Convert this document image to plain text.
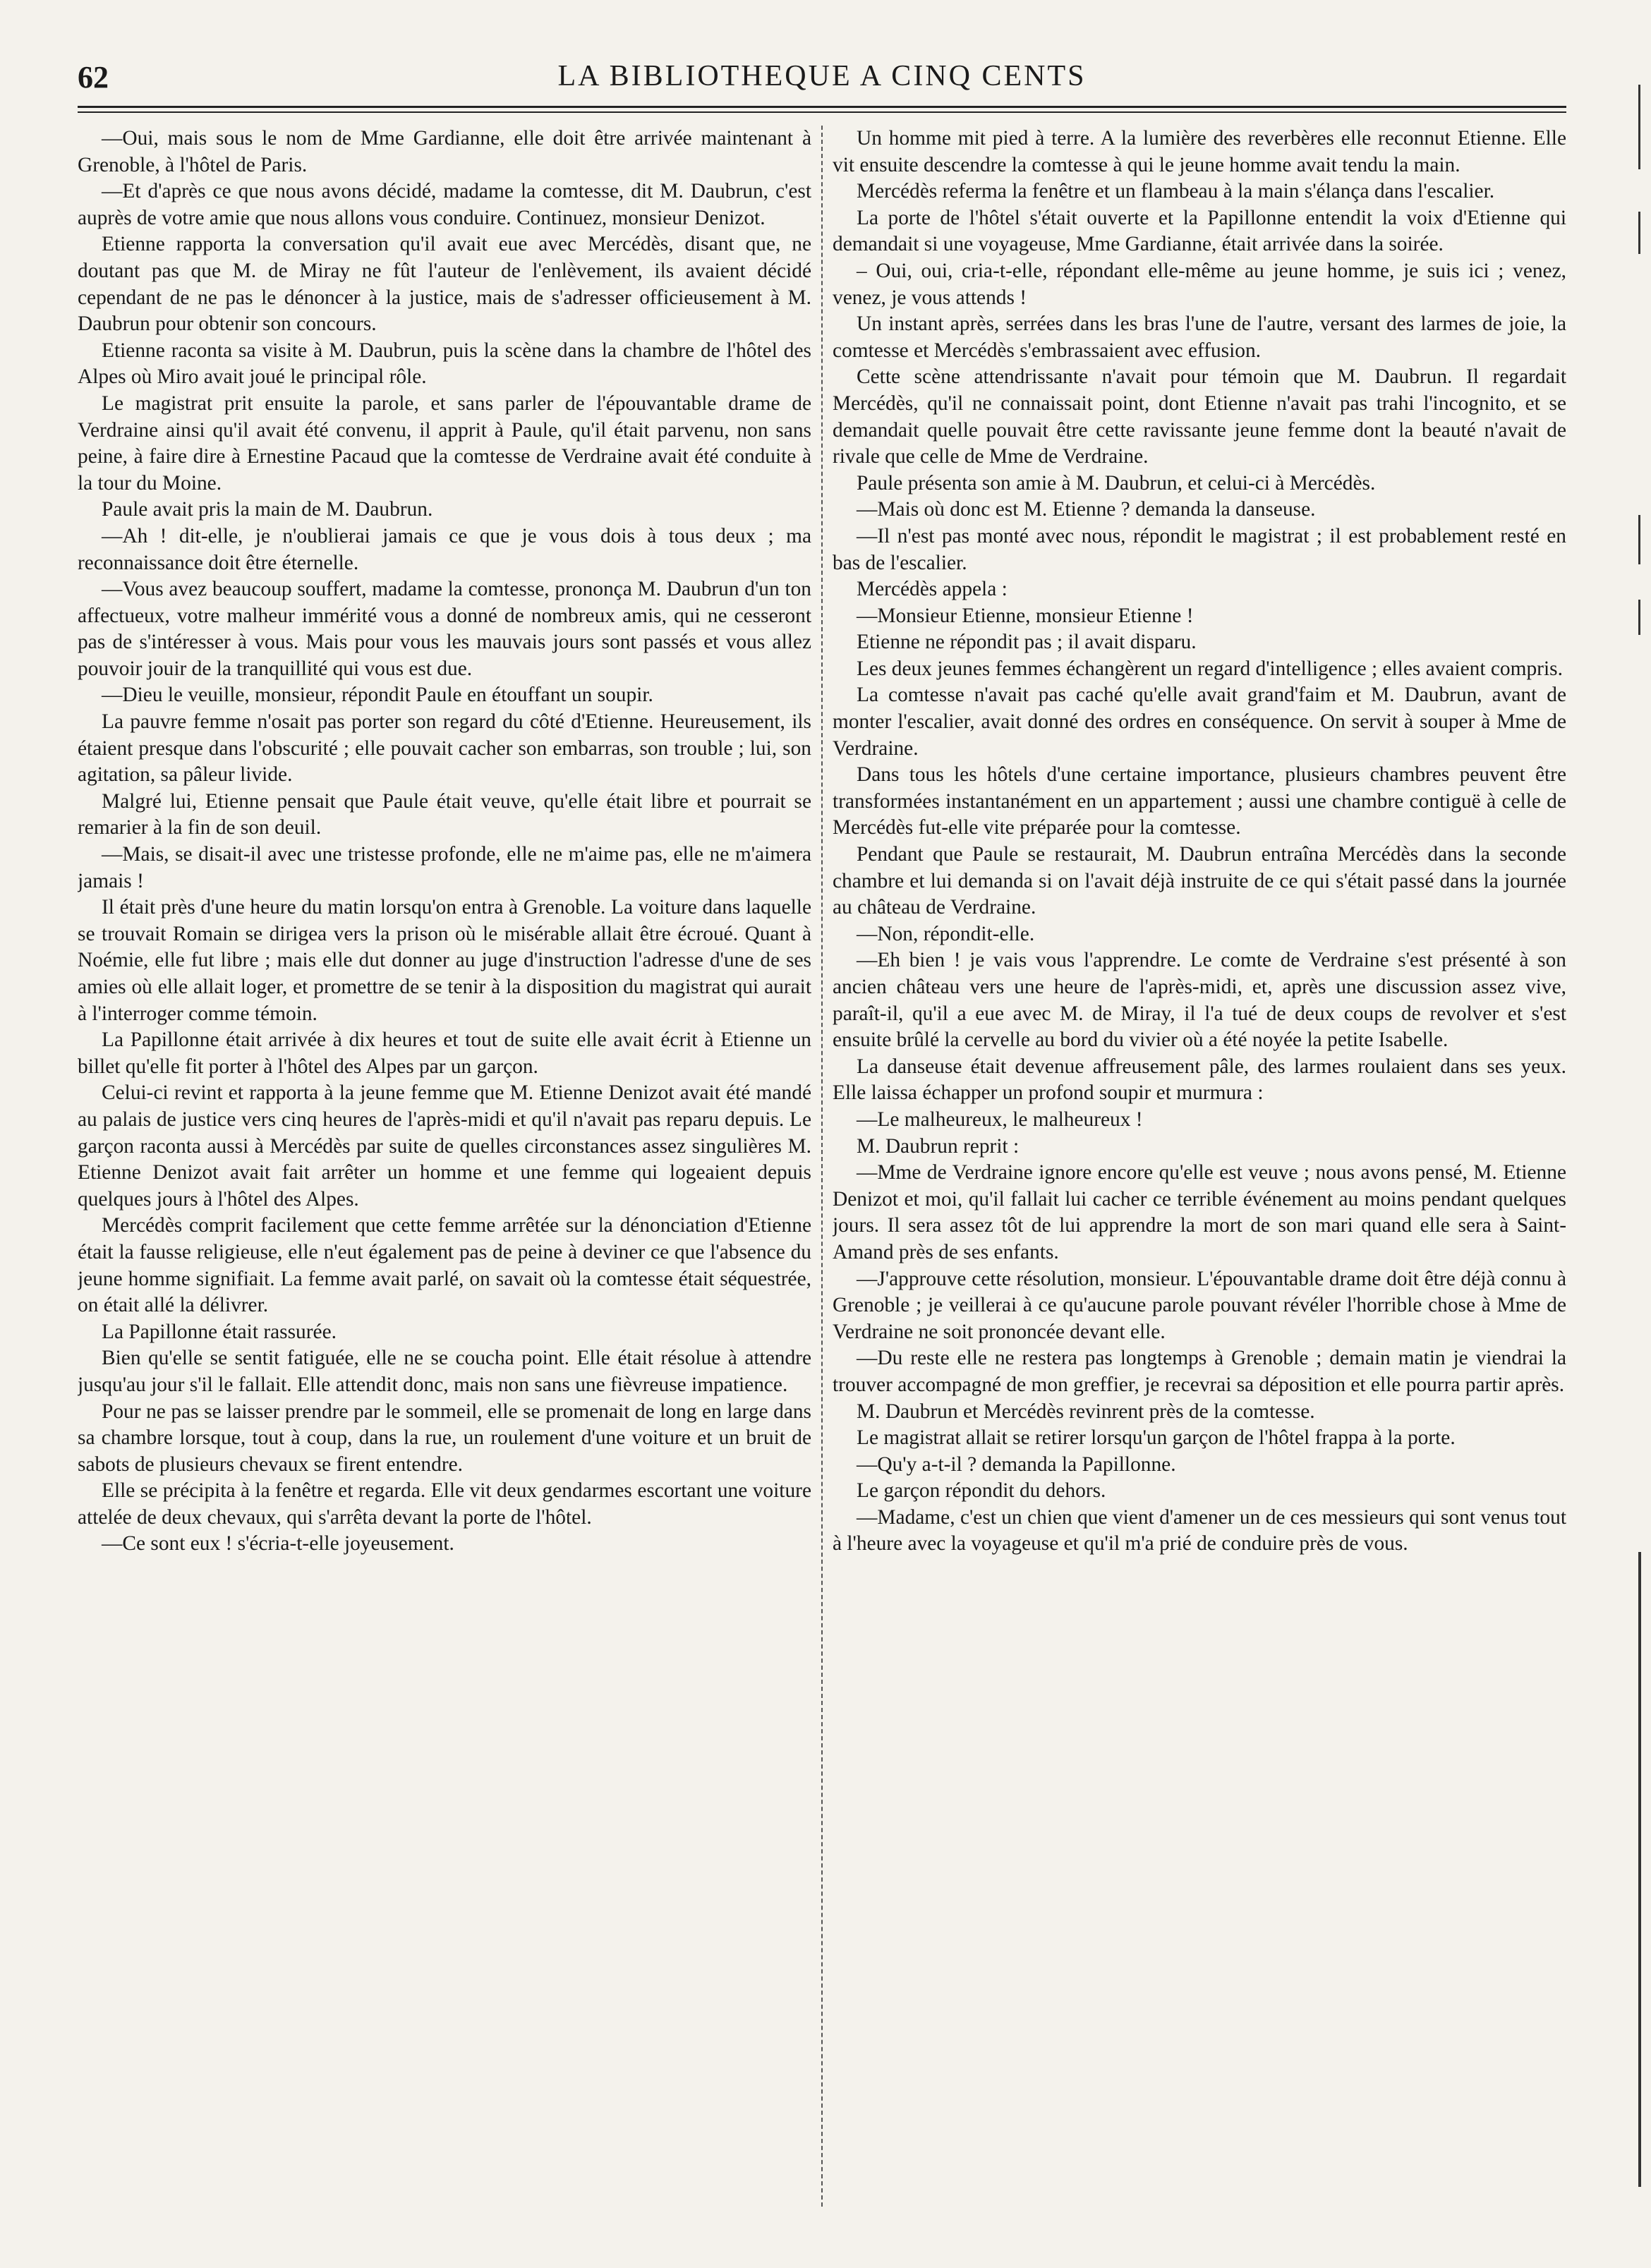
62	LA BIBLIOTHEQUE A CINQ CENTS

—Oui, mais sous le nom de Mme Gardianne, elle doit être arrivée maintenant à Grenoble, à l'hôtel de Paris.

—Et d'après ce que nous avons décidé, madame la comtesse, dit M. Daubrun, c'est auprès de votre amie que nous allons vous conduire. Continuez, monsieur Denizot.

Etienne rapporta la conversation qu'il avait eue avec Mercédès, disant que, ne doutant pas que M. de Miray ne fût l'auteur de l'enlèvement, ils avaient décidé cependant de ne pas le dénoncer à la justice, mais de s'adresser officieusement à M. Daubrun pour obtenir son concours.

Etienne raconta sa visite à M. Daubrun, puis la scène dans la chambre de l'hôtel des Alpes où Miro avait joué le principal rôle.

Le magistrat prit ensuite la parole, et sans parler de l'épouvantable drame de Verdraine ainsi qu'il avait été convenu, il apprit à Paule, qu'il était parvenu, non sans peine, à faire dire à Ernestine Pacaud que la comtesse de Verdraine avait été conduite à la tour du Moine.

Paule avait pris la main de M. Daubrun.

—Ah ! dit-elle, je n'oublierai jamais ce que je vous dois à tous deux ; ma reconnaissance doit être éternelle.

—Vous avez beaucoup souffert, madame la comtesse, prononça M. Daubrun d'un ton affectueux, votre malheur immérité vous a donné de nombreux amis, qui ne cesseront pas de s'intéresser à vous. Mais pour vous les mauvais jours sont passés et vous allez pouvoir jouir de la tranquillité qui vous est due.

—Dieu le veuille, monsieur, répondit Paule en étouffant un soupir.

La pauvre femme n'osait pas porter son regard du côté d'Etienne. Heureusement, ils étaient presque dans l'obscurité ; elle pouvait cacher son embarras, son trouble ; lui, son agitation, sa pâleur livide.

Malgré lui, Etienne pensait que Paule était veuve, qu'elle était libre et pourrait se remarier à la fin de son deuil.

—Mais, se disait-il avec une tristesse profonde, elle ne m'aime pas, elle ne m'aimera jamais !

Il était près d'une heure du matin lorsqu'on entra à Grenoble. La voiture dans laquelle se trouvait Romain se dirigea vers la prison où le misérable allait être écroué. Quant à Noémie, elle fut libre ; mais elle dut donner au juge d'instruction l'adresse d'une de ses amies où elle allait loger, et promettre de se tenir à la disposition du magistrat qui aurait à l'interroger comme témoin.

La Papillonne était arrivée à dix heures et tout de suite elle avait écrit à Etienne un billet qu'elle fit porter à l'hôtel des Alpes par un garçon.

Celui-ci revint et rapporta à la jeune femme que M. Etienne Denizot avait été mandé au palais de justice vers cinq heures de l'après-midi et qu'il n'avait pas reparu depuis. Le garçon raconta aussi à Mercédès par suite de quelles circonstances assez singulières M. Etienne Denizot avait fait arrêter un homme et une femme qui logeaient depuis quelques jours à l'hôtel des Alpes.

Mercédès comprit facilement que cette femme arrêtée sur la dénonciation d'Etienne était la fausse religieuse, elle n'eut également pas de peine à deviner ce que l'absence du jeune homme signifiait. La femme avait parlé, on savait où la comtesse était séquestrée, on était allé la délivrer.

La Papillonne était rassurée.

Bien qu'elle se sentit fatiguée, elle ne se coucha point. Elle était résolue à attendre jusqu'au jour s'il le fallait. Elle attendit donc, mais non sans une fièvreuse impatience.

Pour ne pas se laisser prendre par le sommeil, elle se promenait de long en large dans sa chambre lorsque, tout à coup, dans la rue, un roulement d'une voiture et un bruit de sabots de plusieurs chevaux se firent entendre.

Elle se précipita à la fenêtre et regarda. Elle vit deux gendarmes escortant une voiture attelée de deux chevaux, qui s'arrêta devant la porte de l'hôtel.

—Ce sont eux ! s'écria-t-elle joyeusement.

Un homme mit pied à terre. A la lumière des reverbères elle reconnut Etienne. Elle vit ensuite descendre la comtesse à qui le jeune homme avait tendu la main.

Mercédès referma la fenêtre et un flambeau à la main s'élança dans l'escalier.

La porte de l'hôtel s'était ouverte et la Papillonne entendit la voix d'Etienne qui demandait si une voyageuse, Mme Gardianne, était arrivée dans la soirée.

– Oui, oui, cria-t-elle, répondant elle-même au jeune homme, je suis ici ; venez, venez, je vous attends !

Un instant après, serrées dans les bras l'une de l'autre, versant des larmes de joie, la comtesse et Mercédès s'embrassaient avec effusion.

Cette scène attendrissante n'avait pour témoin que M. Daubrun. Il regardait Mercédès, qu'il ne connaissait point, dont Etienne n'avait pas trahi l'incognito, et se demandait quelle pouvait être cette ravissante jeune femme dont la beauté n'avait de rivale que celle de Mme de Verdraine.

Paule présenta son amie à M. Daubrun, et celui-ci à Mercédès.

—Mais où donc est M. Etienne ? demanda la danseuse.

—Il n'est pas monté avec nous, répondit le magistrat ; il est probablement resté en bas de l'escalier.

Mercédès appela :

—Monsieur Etienne, monsieur Etienne !

Etienne ne répondit pas ; il avait disparu.

Les deux jeunes femmes échangèrent un regard d'intelligence ; elles avaient compris.

La comtesse n'avait pas caché qu'elle avait grand'faim et M. Daubrun, avant de monter l'escalier, avait donné des ordres en conséquence. On servit à souper à Mme de Verdraine.

Dans tous les hôtels d'une certaine importance, plusieurs chambres peuvent être transformées instantanément en un appartement ; aussi une chambre contiguë à celle de Mercédès fut-elle vite préparée pour la comtesse.

Pendant que Paule se restaurait, M. Daubrun entraîna Mercédès dans la seconde chambre et lui demanda si on l'avait déjà instruite de ce qui s'était passé dans la journée au château de Verdraine.

—Non, répondit-elle.

—Eh bien ! je vais vous l'apprendre. Le comte de Verdraine s'est présenté à son ancien château vers une heure de l'après-midi, et, après une discussion assez vive, paraît-il, qu'il a eue avec M. de Miray, il l'a tué de deux coups de revolver et s'est ensuite brûlé la cervelle au bord du vivier où a été noyée la petite Isabelle.

La danseuse était devenue affreusement pâle, des larmes roulaient dans ses yeux. Elle laissa échapper un profond soupir et murmura :

—Le malheureux, le malheureux !

M. Daubrun reprit :

—Mme de Verdraine ignore encore qu'elle est veuve ; nous avons pensé, M. Etienne Denizot et moi, qu'il fallait lui cacher ce terrible événement au moins pendant quelques jours. Il sera assez tôt de lui apprendre la mort de son mari quand elle sera à Saint-Amand près de ses enfants.

—J'approuve cette résolution, monsieur. L'épouvantable drame doit être déjà connu à Grenoble ; je veillerai à ce qu'aucune parole pouvant révéler l'horrible chose à Mme de Verdraine ne soit prononcée devant elle.

—Du reste elle ne restera pas longtemps à Grenoble ; demain matin je viendrai la trouver accompagné de mon greffier, je recevrai sa déposition et elle pourra partir après.

M. Daubrun et Mercédès revinrent près de la comtesse.

Le magistrat allait se retirer lorsqu'un garçon de l'hôtel frappa à la porte.

—Qu'y a-t-il ? demanda la Papillonne.

Le garçon répondit du dehors.

—Madame, c'est un chien que vient d'amener un de ces messieurs qui sont venus tout à l'heure avec la voyageuse et qu'il m'a prié de conduire près de vous.
